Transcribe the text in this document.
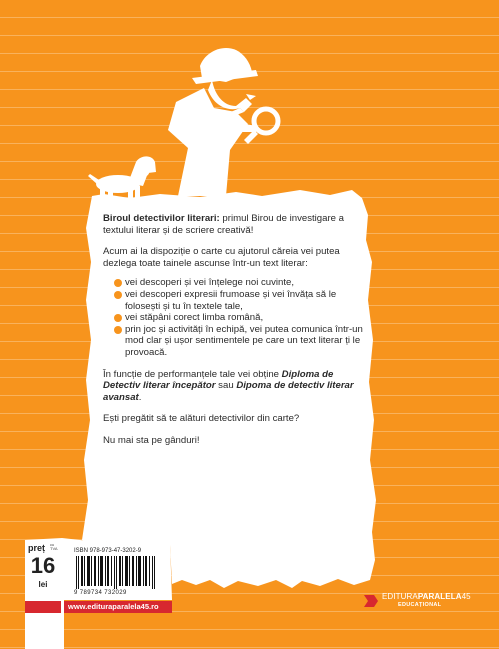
Biroul detectivilor literari: primul Birou de investigare a textului literar și de scriere creativă!

Acum ai la dispoziție o carte cu ajutorul căreia vei putea dezlega toate tainele ascunse într-un text literar:

vei descoperi și vei înțelege noi cuvinte,
vei descoperi expresii frumoase și vei învăța să le folosești și tu în textele tale,
vei stăpâni corect limba română,
prin joc și activități în echipă, vei putea comunica într-un mod clar și ușor sentimentele pe care un text literar ți le provoacă.

În funcție de performanțele tale vei obține Diploma de Detectiv literar începător sau Dipoma de detectiv literar avansat.

Ești pregătit să te alături detectivilor din carte?

Nu mai sta pe gânduri!

preț cu TVA
16
lei
ISBN 978-973-47-3202-9
9 789734 732029
www.edituraparalela45.ro
EDITURAPARALELA45
EDUCAȚIONAL
